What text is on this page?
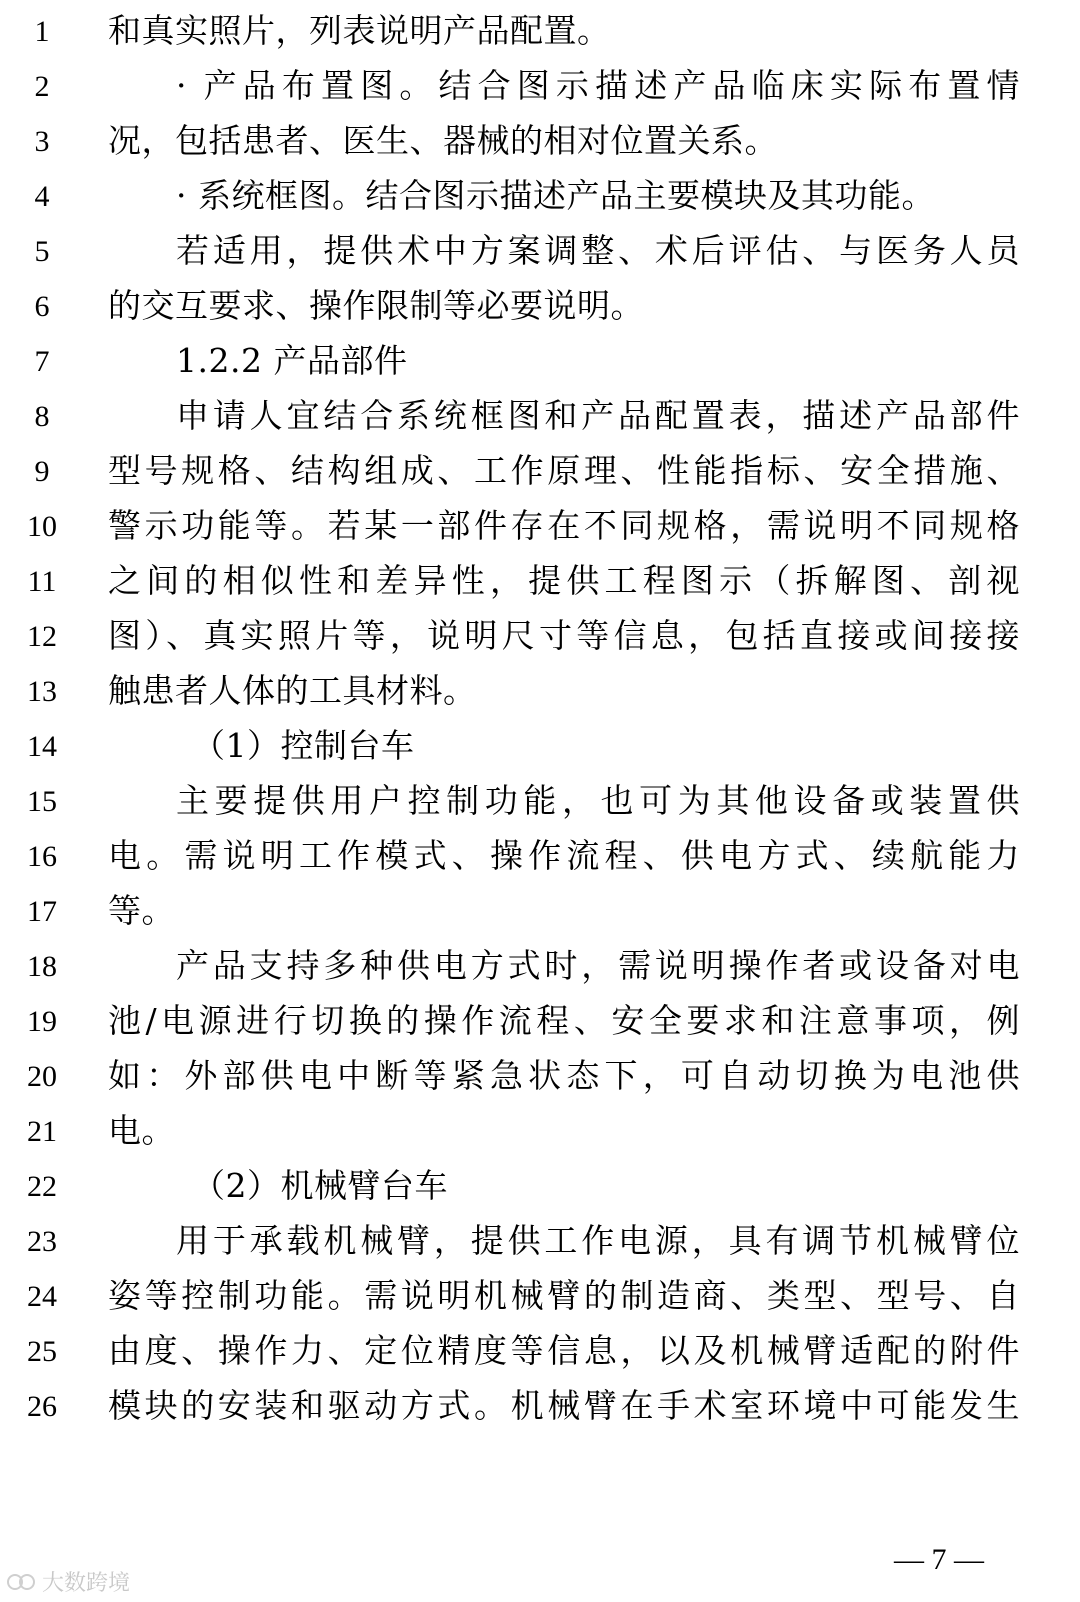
1	和真实照片，列表说明产品配置。
2	· 产品布置图。结合图示描述产品临床实际布置情
3	况，包括患者、医生、器械的相对位置关系。
4	· 系统框图。结合图示描述产品主要模块及其功能。
5	若适用，提供术中方案调整、术后评估、与医务人员
6	的交互要求、操作限制等必要说明。
7	1.2.2 产品部件
8	申请人宜结合系统框图和产品配置表，描述产品部件
9	型号规格、结构组成、工作原理、性能指标、安全措施、
10	警示功能等。若某一部件存在不同规格，需说明不同规格
11	之间的相似性和差异性，提供工程图示（拆解图、剖视
12	图）、真实照片等，说明尺寸等信息，包括直接或间接接
13	触患者人体的工具材料。
14	（1）控制台车
15	主要提供用户控制功能，也可为其他设备或装置供
16	电。需说明工作模式、操作流程、供电方式、续航能力
17	等。
18	产品支持多种供电方式时，需说明操作者或设备对电
19	池/电源进行切换的操作流程、安全要求和注意事项，例
20	如：外部供电中断等紧急状态下，可自动切换为电池供
21	电。
22	（2）机械臂台车
23	用于承载机械臂，提供工作电源，具有调节机械臂位
24	姿等控制功能。需说明机械臂的制造商、类型、型号、自
25	由度、操作力、定位精度等信息，以及机械臂适配的附件
26	模块的安装和驱动方式。机械臂在手术室环境中可能发生
— 7 —
大数跨境
